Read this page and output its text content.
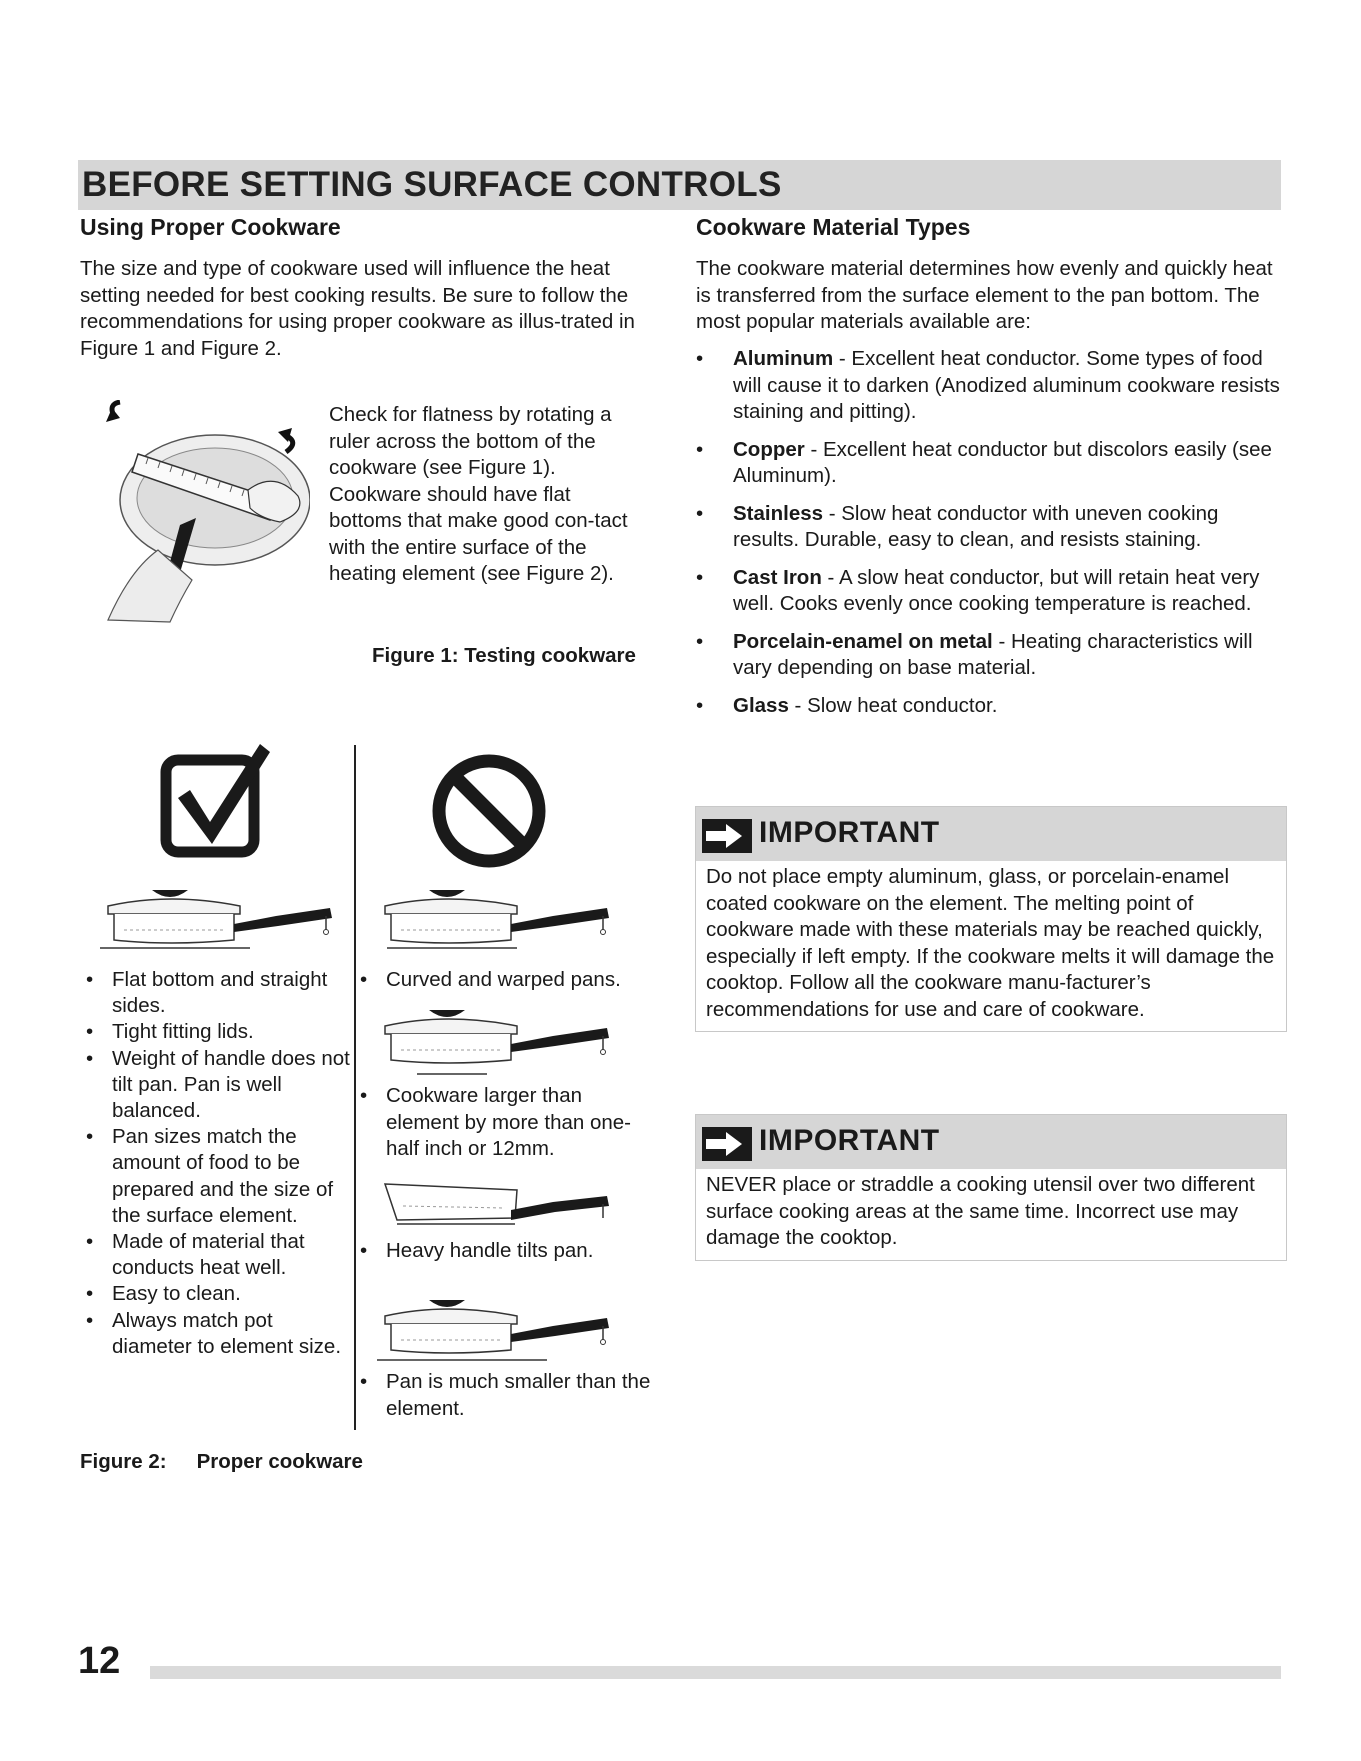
BEFORE SETTING SURFACE CONTROLS
Using Proper Cookware
The size and type of cookware used will influence the heat setting needed for best cooking results. Be sure to follow the recommendations for using proper cookware as illus-trated in Figure 1 and Figure 2.
Check for flatness by rotating a ruler across the bottom of the cookware (see Figure 1). Cookware should have flat bottoms that make good con-tact with the entire surface of the heating element (see Figure 2).
Figure 1: Testing cookware
• Flat bottom and straight sides.
• Tight fitting lids.
• Weight of handle does not tilt pan. Pan is well balanced.
• Pan sizes match the amount of food to be prepared and the size of the surface element.
• Made of material that conducts heat well.
• Easy to clean.
• Always match pot diameter to element size.
• Curved and warped pans.
• Cookware larger than element by more than one-half inch or 12mm.
• Heavy handle tilts pan.
• Pan is much smaller than the element.
Figure 2: Proper cookware
Cookware Material Types
The cookware material determines how evenly and quickly heat is transferred from the surface element to the pan bottom. The most popular materials available are:
• Aluminum - Excellent heat conductor. Some types of food will cause it to darken (Anodized aluminum cookware resists staining and pitting).
• Copper - Excellent heat conductor but discolors easily (see Aluminum).
• Stainless - Slow heat conductor with uneven cooking results. Durable, easy to clean, and resists staining.
• Cast Iron - A slow heat conductor, but will retain heat very well. Cooks evenly once cooking temperature is reached.
• Porcelain-enamel on metal - Heating characteristics will vary depending on base material.
• Glass - Slow heat conductor.
IMPORTANT
Do not place empty aluminum, glass, or porcelain-enamel coated cookware on the element. The melting point of cookware made with these materials may be reached quickly, especially if left empty. If the cookware melts it will damage the cooktop. Follow all the cookware manu-facturer’s recommendations for use and care of cookware.
IMPORTANT
NEVER place or straddle a cooking utensil over two different surface cooking areas at the same time. Incorrect use may damage the cooktop.
12
